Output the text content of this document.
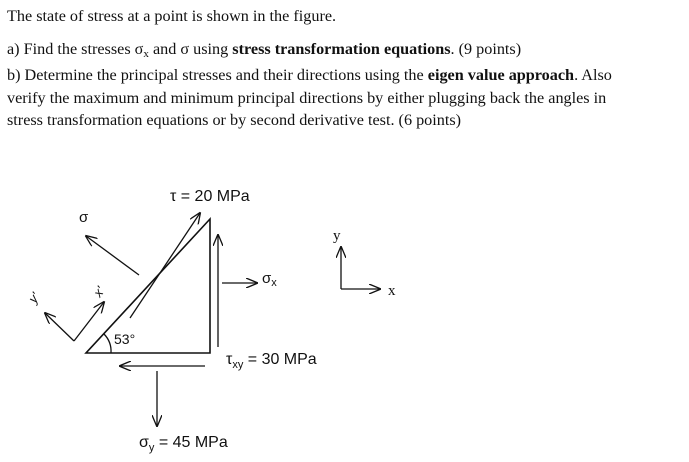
The state of stress at a point is shown in the figure.
a) Find the stresses $\sigma_x$ and σ using stress transformation equations. (9 points)
b) Determine the principal stresses and their directions using the eigen value approach. Also
verify the maximum and minimum principal directions by either plugging back the angles in
stress transformation equations or by second derivative test. (6 points)
53°
τ = 20 MPa
σ
$\sigma_x$
$\tau_{xy} = 30$ MPa
$\sigma_y = 45$ MPa
x'
y'
y
x
